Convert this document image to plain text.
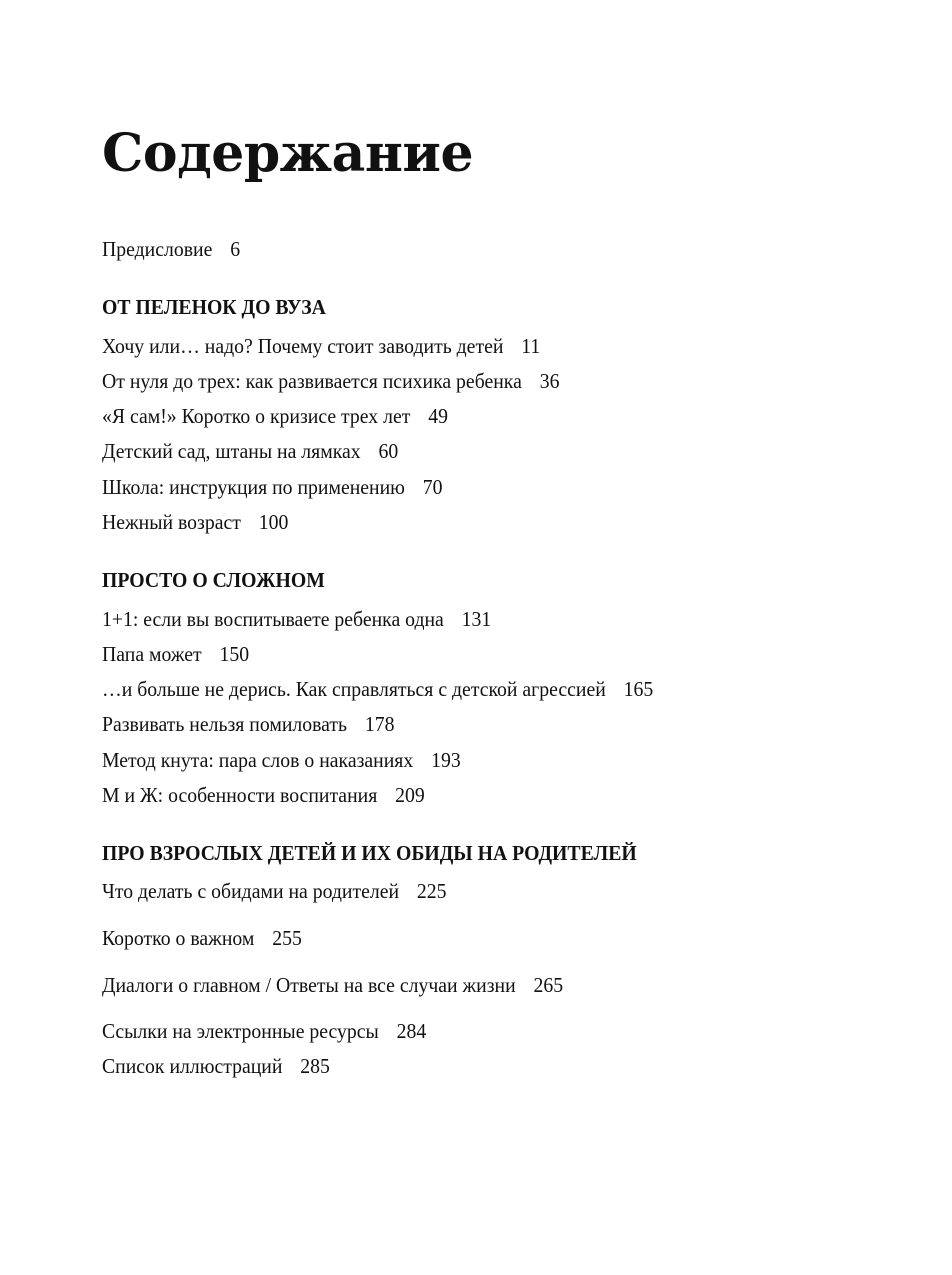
Содержание
Предисловие 6
ОТ ПЕЛЕНОК ДО ВУЗА
Хочу или… надо? Почему стоит заводить детей 11
От нуля до трех: как развивается психика ребенка 36
«Я сам!» Коротко о кризисе трех лет 49
Детский сад, штаны на лямках 60
Школа: инструкция по применению 70
Нежный возраст 100
ПРОСТО О СЛОЖНОМ
1+1: если вы воспитываете ребенка одна 131
Папа может 150
…и больше не дерись. Как справляться с детской агрессией 165
Развивать нельзя помиловать 178
Метод кнута: пара слов о наказаниях 193
М и Ж: особенности воспитания 209
ПРО ВЗРОСЛЫХ ДЕТЕЙ И ИХ ОБИДЫ НА РОДИТЕЛЕЙ
Что делать с обидами на родителей 225
Коротко о важном 255
Диалоги о главном / Ответы на все случаи жизни 265
Ссылки на электронные ресурсы 284
Список иллюстраций 285
